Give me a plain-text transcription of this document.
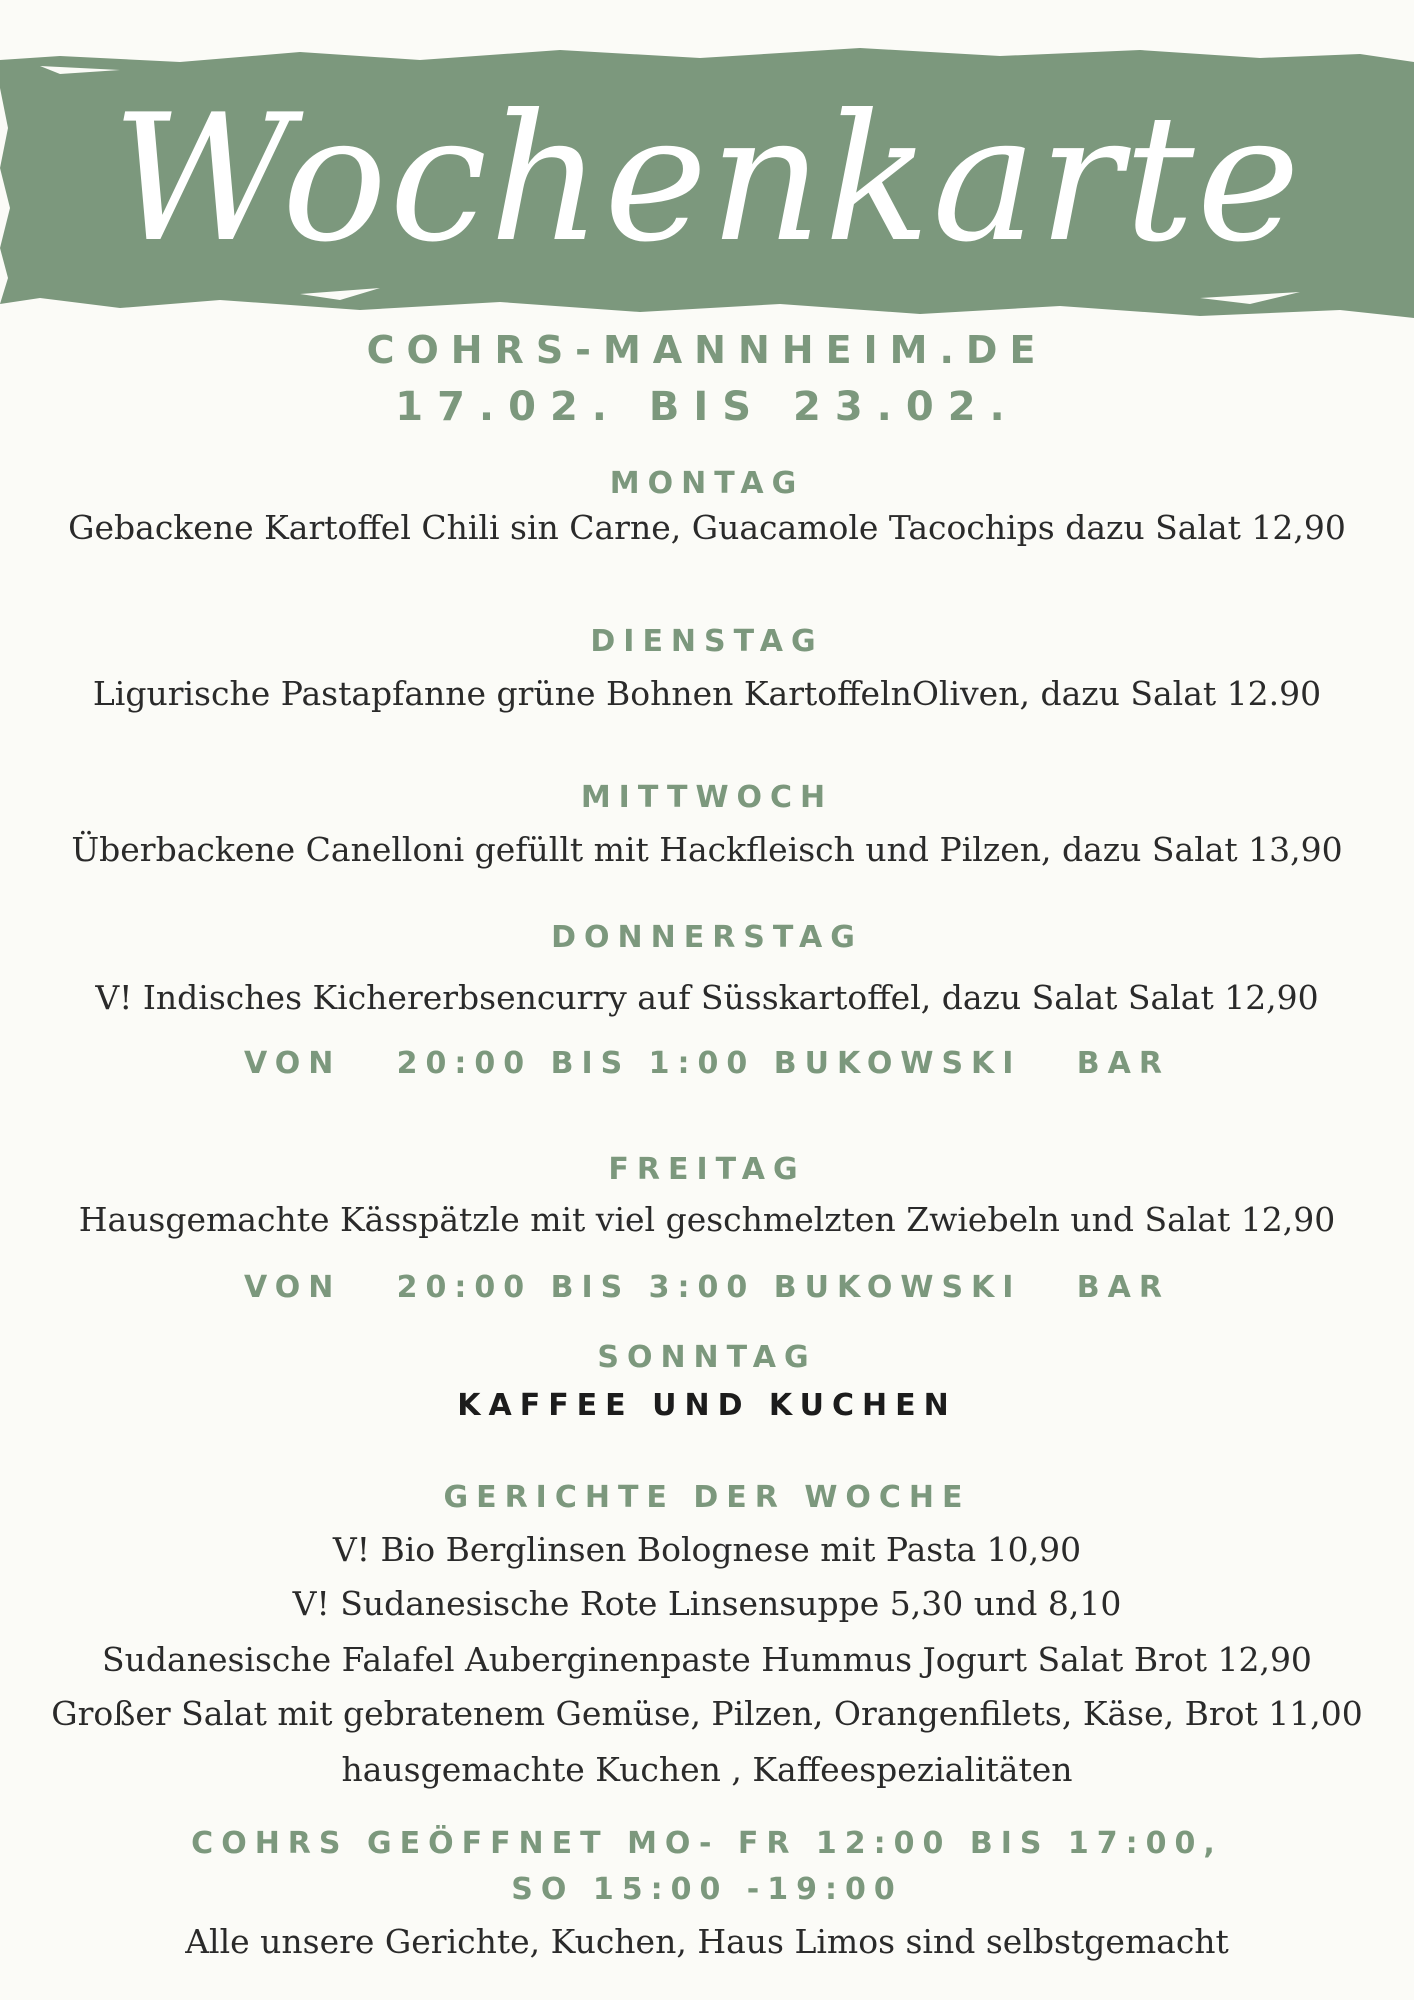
Wochenkarte
COHRS-MANNHEIM.DE
17.02. BIS 23.02.
MONTAG
Gebackene Kartoffel Chili sin Carne, Guacamole Tacochips dazu Salat 12,90
DIENSTAG
Ligurische Pastapfanne grüne Bohnen KartoffelnOliven, dazu Salat 12.90
MITTWOCH
Überbackene Canelloni gefüllt mit Hackfleisch und Pilzen, dazu Salat 13,90
DONNERSTAG
V! Indisches Kichererbsencurry auf Süsskartoffel, dazu Salat Salat 12,90
VON   20:00 BIS 1:00 BUKOWSKI   BAR
FREITAG
Hausgemachte Kässpätzle mit viel geschmelzten Zwiebeln und Salat 12,90
VON   20:00 BIS 3:00 BUKOWSKI   BAR
SONNTAG
KAFFEE UND KUCHEN
GERICHTE DER WOCHE
V! Bio Berglinsen Bolognese mit Pasta 10,90
V! Sudanesische Rote Linsensuppe 5,30 und 8,10
Sudanesische Falafel Auberginenpaste Hummus Jogurt Salat Brot 12,90
Großer Salat mit gebratenem Gemüse, Pilzen, Orangenfilets, Käse, Brot 11,00
hausgemachte Kuchen , Kaffeespezialitäten
COHRS GEÖFFNET MO- FR 12:00 BIS 17:00,
SO 15:00 -19:00
Alle unsere Gerichte, Kuchen, Haus Limos sind selbstgemacht
